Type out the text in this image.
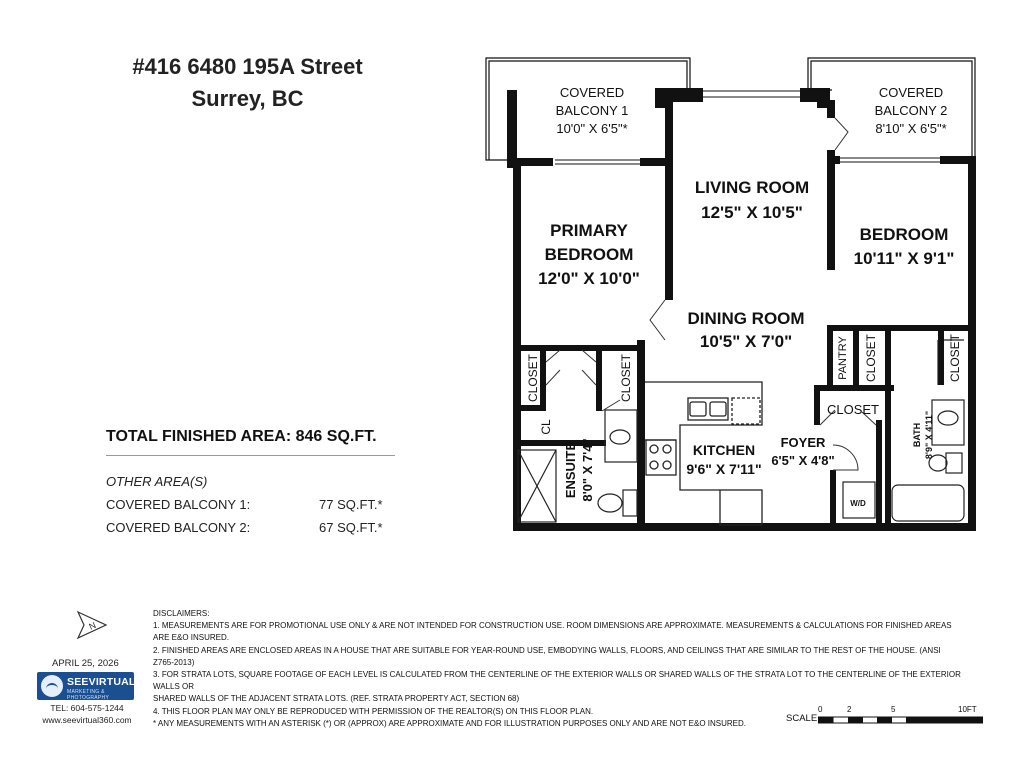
#416 6480 195A Street
Surrey, BC
TOTAL FINISHED AREA: 846 SQ.FT.
OTHER AREA(S)
COVERED BALCONY 1:	77 SQ.FT.*
COVERED BALCONY 2:	67 SQ.FT.*
COVERED
BALCONY 1
10'0" X 6'5"*
COVERED
BALCONY 2
8'10" X 6'5"*
LIVING ROOM
12'5" X 10'5"
PRIMARY
BEDROOM
12'0" X 10'0"
BEDROOM
10'11" X 9'1"
DINING ROOM
10'5" X 7'0"
KITCHEN
9'6" X 7'11"
FOYER
6'5" X 4'8"
CLOSET
W/D
CLOSET	CLOSET
CL
PANTRY CLOSET	CLOSET
ENSUITE 8'0" X 7'4"
BATH 8'9" X 4'11"
N
APRIL 25, 2026
SEEVIRTUAL
MARKETING & PHOTOGRAPHY
TEL: 604-575-1244
www.seevirtual360.com
DISCLAIMERS:
1. MEASUREMENTS ARE FOR PROMOTIONAL USE ONLY & ARE NOT INTENDED FOR CONSTRUCTION USE. ROOM DIMENSIONS ARE APPROXIMATE. MEASUREMENTS & CALCULATIONS FOR FINISHED AREAS
ARE E&O INSURED.
2. FINISHED AREAS ARE ENCLOSED AREAS IN A HOUSE THAT ARE SUITABLE FOR YEAR-ROUND USE, EMBODYING WALLS, FLOORS, AND CEILINGS THAT ARE SIMILAR TO THE REST OF THE HOUSE. (ANSI
Z765-2013)
3. FOR STRATA LOTS, SQUARE FOOTAGE OF EACH LEVEL IS CALCULATED FROM THE CENTERLINE OF THE EXTERIOR WALLS OR SHARED WALLS OF THE STRATA LOT TO THE CENTERLINE OF THE EXTERIOR
WALLS OR
SHARED WALLS OF THE ADJACENT STRATA LOTS. (REF. STRATA PROPERTY ACT, SECTION 68)
4. THIS FLOOR PLAN MAY ONLY BE REPRODUCED WITH PERMISSION OF THE REALTOR(S) ON THIS FLOOR PLAN.
* ANY MEASUREMENTS WITH AN ASTERISK (*) OR (APPROX) ARE APPROXIMATE AND FOR ILLUSTRATION PURPOSES ONLY AND ARE NOT E&O INSURED.	SCALE
0	2	5	10FT
